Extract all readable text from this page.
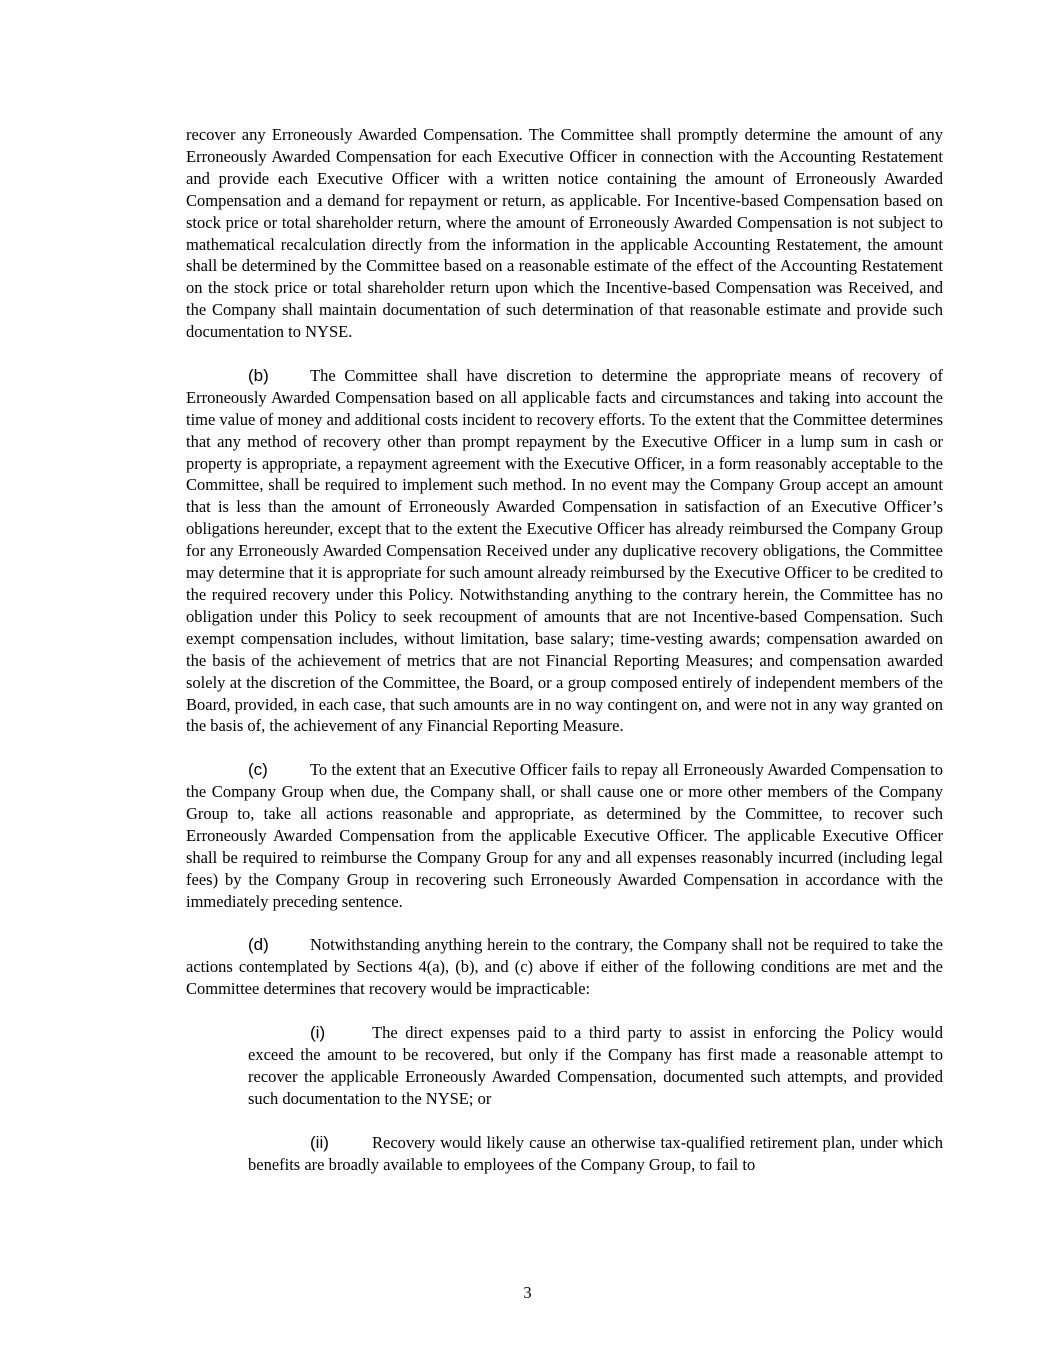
recover any Erroneously Awarded Compensation. The Committee shall promptly determine the amount of any Erroneously Awarded Compensation for each Executive Officer in connection with the Accounting Restatement and provide each Executive Officer with a written notice containing the amount of Erroneously Awarded Compensation and a demand for repayment or return, as applicable. For Incentive-based Compensation based on stock price or total shareholder return, where the amount of Erroneously Awarded Compensation is not subject to mathematical recalculation directly from the information in the applicable Accounting Restatement, the amount shall be determined by the Committee based on a reasonable estimate of the effect of the Accounting Restatement on the stock price or total shareholder return upon which the Incentive-based Compensation was Received, and the Company shall maintain documentation of such determination of that reasonable estimate and provide such documentation to NYSE.

(b) The Committee shall have discretion to determine the appropriate means of recovery of Erroneously Awarded Compensation based on all applicable facts and circumstances and taking into account the time value of money and additional costs incident to recovery efforts. To the extent that the Committee determines that any method of recovery other than prompt repayment by the Executive Officer in a lump sum in cash or property is appropriate, a repayment agreement with the Executive Officer, in a form reasonably acceptable to the Committee, shall be required to implement such method. In no event may the Company Group accept an amount that is less than the amount of Erroneously Awarded Compensation in satisfaction of an Executive Officer’s obligations hereunder, except that to the extent the Executive Officer has already reimbursed the Company Group for any Erroneously Awarded Compensation Received under any duplicative recovery obligations, the Committee may determine that it is appropriate for such amount already reimbursed by the Executive Officer to be credited to the required recovery under this Policy. Notwithstanding anything to the contrary herein, the Committee has no obligation under this Policy to seek recoupment of amounts that are not Incentive-based Compensation. Such exempt compensation includes, without limitation, base salary; time-vesting awards; compensation awarded on the basis of the achievement of metrics that are not Financial Reporting Measures; and compensation awarded solely at the discretion of the Committee, the Board, or a group composed entirely of independent members of the Board, provided, in each case, that such amounts are in no way contingent on, and were not in any way granted on the basis of, the achievement of any Financial Reporting Measure.

(c)	To the extent that an Executive Officer fails to repay all Erroneously Awarded Compensation to the Company Group when due, the Company shall, or shall cause one or more other members of the Company Group to, take all actions reasonable and appropriate, as determined by the Committee, to recover such Erroneously Awarded Compensation from the applicable Executive Officer. The applicable Executive Officer shall be required to reimburse the Company Group for any and all expenses reasonably incurred (including legal fees) by the Company Group in recovering such Erroneously Awarded Compensation in accordance with the immediately preceding sentence.

(d) Notwithstanding anything herein to the contrary, the Company shall not be required to take the actions contemplated by Sections 4(a), (b), and (c) above if either of the following conditions are met and the Committee determines that recovery would be impracticable:

(i)	The direct expenses paid to a third party to assist in enforcing the Policy would exceed the amount to be recovered, but only if the Company has first made a reasonable attempt to recover the applicable Erroneously Awarded Compensation, documented such attempts, and provided such documentation to the NYSE; or

(ii)	Recovery would likely cause an otherwise tax-qualified retirement plan, under which benefits are broadly available to employees of the Company Group, to fail to

3
